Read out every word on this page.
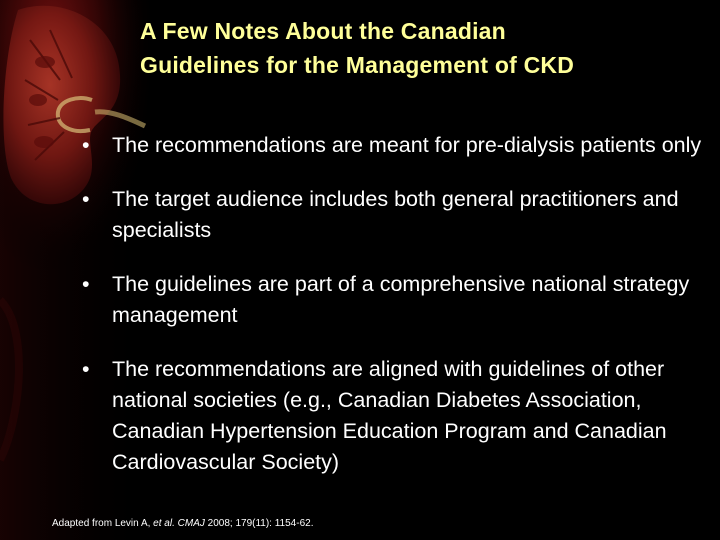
A Few Notes About the Canadian
Guidelines for the Management of CKD
•	The recommendations are meant for pre-dialysis patients only
•	The target audience includes both general practitioners and specialists
•	The guidelines are part of a comprehensive national strategy management
•	The recommendations are aligned with guidelines of other national societies (e.g., Canadian Diabetes Association, Canadian Hypertension Education Program and Canadian Cardiovascular Society)
Adapted from Levin A, et al. CMAJ 2008; 179(11): 1154-62.
